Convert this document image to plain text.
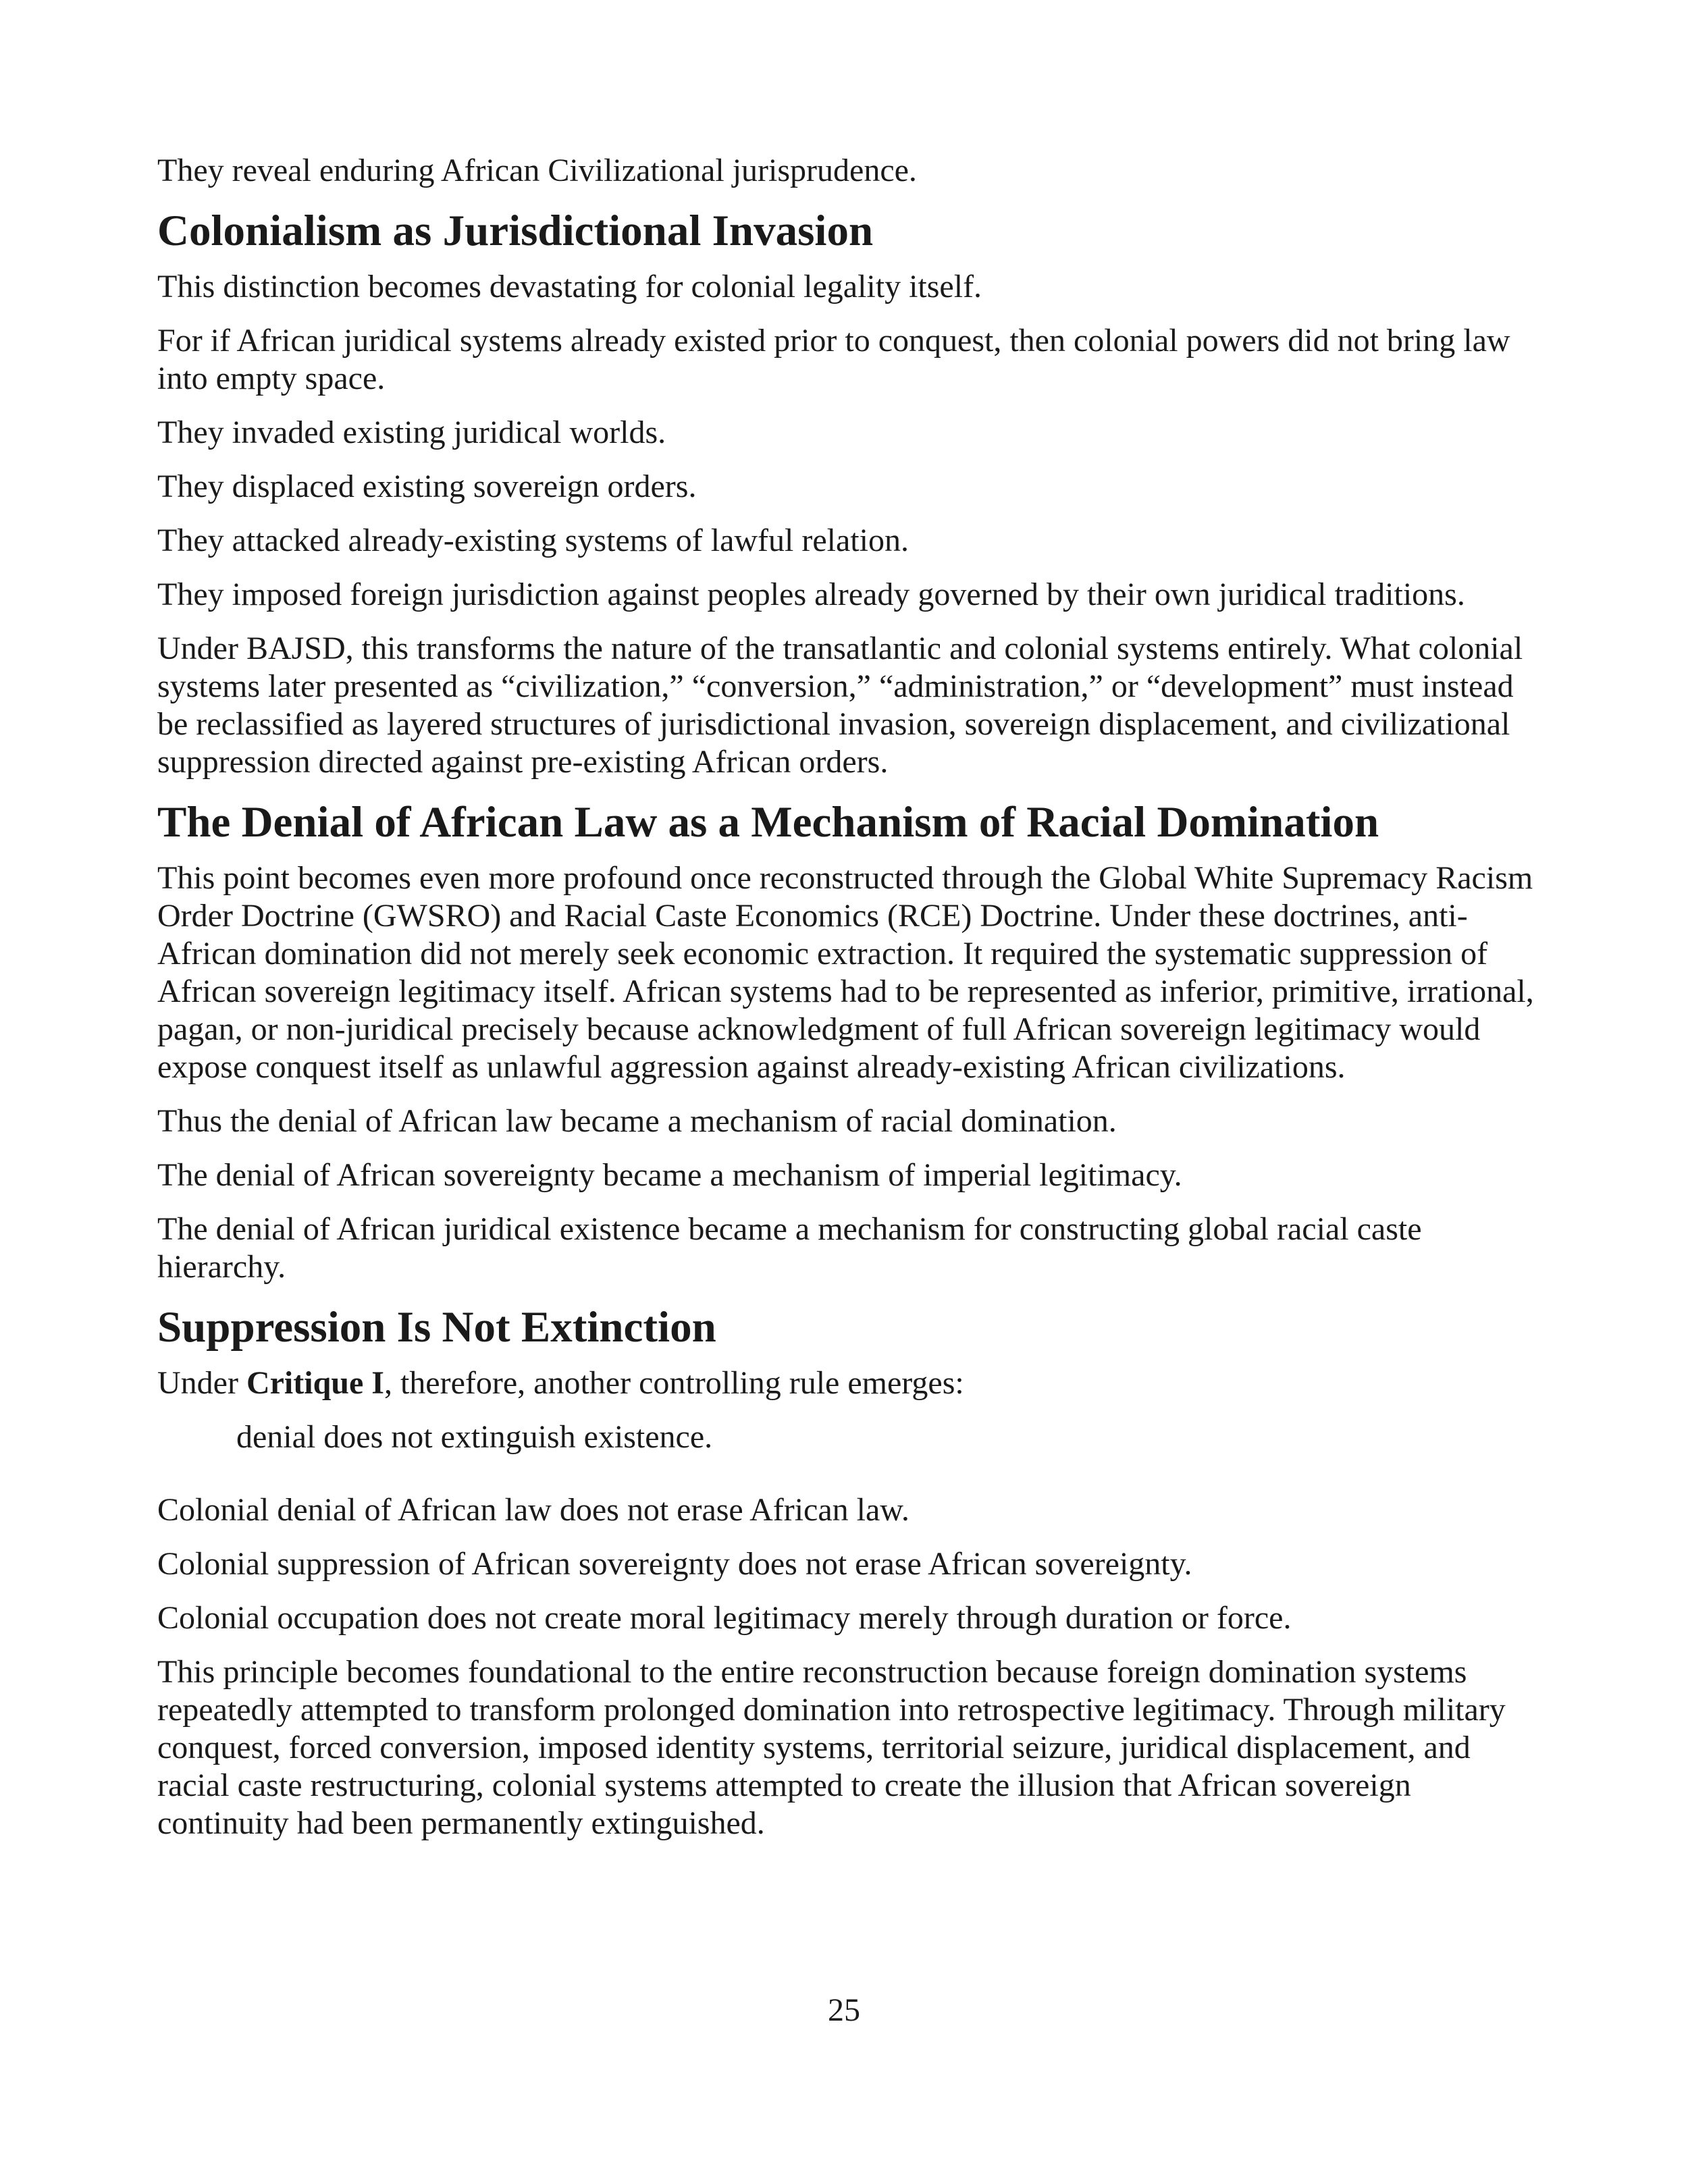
They reveal enduring African Civilizational jurisprudence.

Colonialism as Jurisdictional Invasion

This distinction becomes devastating for colonial legality itself.

For if African juridical systems already existed prior to conquest, then colonial powers did not bring law into empty space.

They invaded existing juridical worlds.

They displaced existing sovereign orders.

They attacked already-existing systems of lawful relation.

They imposed foreign jurisdiction against peoples already governed by their own juridical traditions.

Under BAJSD, this transforms the nature of the transatlantic and colonial systems entirely. What colonial systems later presented as “civilization,” “conversion,” “administration,” or “development” must instead be reclassified as layered structures of jurisdictional invasion, sovereign displacement, and civilizational suppression directed against pre-existing African orders.

The Denial of African Law as a Mechanism of Racial Domination

This point becomes even more profound once reconstructed through the Global White Supremacy Racism Order Doctrine (GWSRO) and Racial Caste Economics (RCE) Doctrine. Under these doctrines, anti-African domination did not merely seek economic extraction. It required the systematic suppression of African sovereign legitimacy itself. African systems had to be represented as inferior, primitive, irrational, pagan, or non-juridical precisely because acknowledgment of full African sovereign legitimacy would expose conquest itself as unlawful aggression against already-existing African civilizations.

Thus the denial of African law became a mechanism of racial domination.

The denial of African sovereignty became a mechanism of imperial legitimacy.

The denial of African juridical existence became a mechanism for constructing global racial caste hierarchy.

Suppression Is Not Extinction

Under Critique I, therefore, another controlling rule emerges:

denial does not extinguish existence.

Colonial denial of African law does not erase African law.

Colonial suppression of African sovereignty does not erase African sovereignty.

Colonial occupation does not create moral legitimacy merely through duration or force.

This principle becomes foundational to the entire reconstruction because foreign domination systems repeatedly attempted to transform prolonged domination into retrospective legitimacy. Through military conquest, forced conversion, imposed identity systems, territorial seizure, juridical displacement, and racial caste restructuring, colonial systems attempted to create the illusion that African sovereign continuity had been permanently extinguished.

25
